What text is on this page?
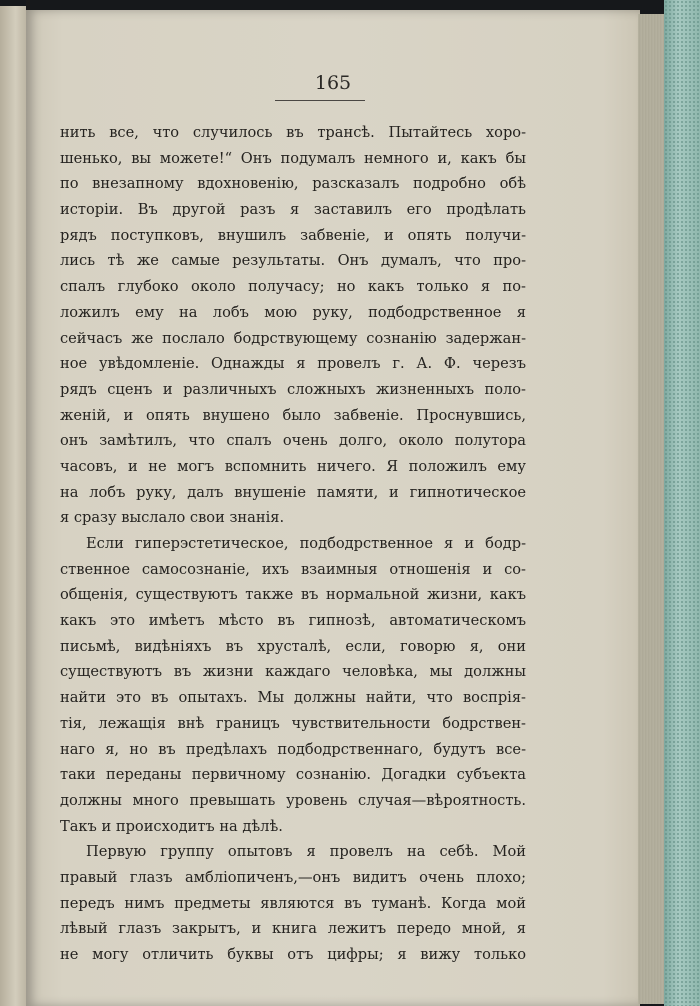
165
нить все, что случилось въ трансѣ. Пытайтесь хоро-
шенько, вы можете!“ Онъ подумалъ немного и, какъ бы
по внезапному вдохновенію, разсказалъ подробно обѣ
исторіи. Въ другой разъ я заставилъ его продѣлать
рядъ поступковъ, внушилъ забвеніе, и опять получи-
лись тѣ же самые результаты. Онъ думалъ, что про-
спалъ глубоко около получасу; но какъ только я по-
ложилъ ему на лобъ мою руку, подбодрственное я
сейчасъ же послало бодрствующему сознанію задержан-
ное увѣдомленіе. Однажды я провелъ г. А. Ф. черезъ
рядъ сценъ и различныхъ сложныхъ жизненныхъ поло-
женій, и опять внушено было забвеніе. Проснувшись,
онъ замѣтилъ, что спалъ очень долго, около полутора
часовъ, и не могъ вспомнить ничего. Я положилъ ему
на лобъ руку, далъ внушеніе памяти, и гипнотическое
я сразу выслало свои знанія.
Если гиперэстетическое, подбодрственное я и бодр-
ственное самосознаніе, ихъ взаимныя отношенія и со-
общенія, существуютъ также въ нормальной жизни, какъ
какъ это имѣетъ мѣсто въ гипнозѣ, автоматическомъ
письмѣ, видѣніяхъ въ хрусталѣ, если, говорю я, они
существуютъ въ жизни каждаго человѣка, мы должны
найти это въ опытахъ. Мы должны найти, что воспрія-
тія, лежащія внѣ границъ чувствительности бодрствен-
наго я, но въ предѣлахъ подбодрственнаго, будутъ все-
таки переданы первичному сознанію. Догадки субъекта
должны много превышать уровень случая—вѣроятность.
Такъ и происходитъ на дѣлѣ.
Первую группу опытовъ я провелъ на себѣ. Мой
правый глазъ амбліопиченъ,—онъ видитъ очень плохо;
передъ нимъ предметы являются въ туманѣ. Когда мой
лѣвый глазъ закрытъ, и книга лежитъ передо мной, я
не могу отличить буквы отъ цифры; я вижу только
